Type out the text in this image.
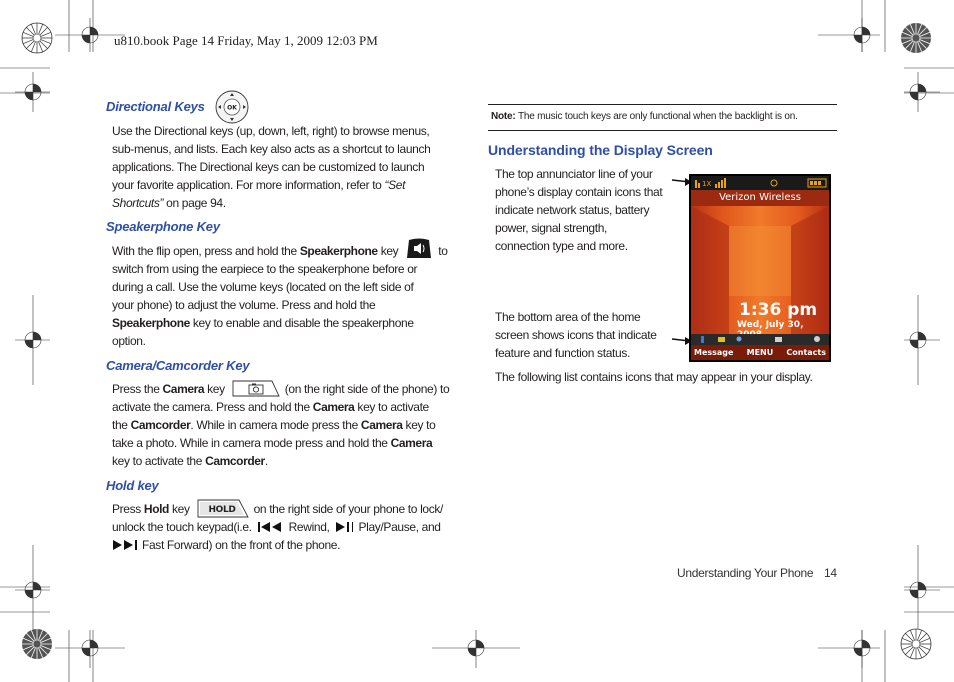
u810.book Page 14 Friday, May 1, 2009 12:03 PM
Directional Keys	OK
Use the Directional keys (up, down, left, right) to browse menus,
sub-menus, and lists. Each key also acts as a shortcut to launch
applications. The Directional keys can be customized to launch
your favorite application. For more information, refer to “Set
Shortcuts” on page 94.
Speakerphone Key
With the flip open, press and hold the Speakerphone key	to
switch from using the earpiece to the speakerphone before or
during a call. Use the volume keys (located on the left side of
your phone) to adjust the volume. Press and hold the
Speakerphone key to enable and disable the speakerphone
option.
Camera/Camcorder Key
Press the Camera key	(on the right side of the phone) to
activate the camera. Press and hold the Camera key to activate
the Camcorder. While in camera mode press the Camera key to
take a photo. While in camera mode press and hold the Camera
key to activate the Camcorder.
Hold key
Press Hold key HOLD on the right side of your phone to lock/
unlock the touch keypad(i.e.	Rewind, Play/Pause, and
Fast Forward) on the front of the phone.
Note: The music touch keys are only functional when the backlight is on.
Understanding the Display Screen
The top annunciator line of your
phone’s display contain icons that
indicate network status, battery
power, signal strength,
connection type and more.
The bottom area of the home
screen shows icons that indicate
feature and function status.
The following list contains icons that may appear in your display.
1X
Verizon Wireless
1:36 pm
Wed, July 30,
Message MENU Contacts
Understanding Your Phone 14
